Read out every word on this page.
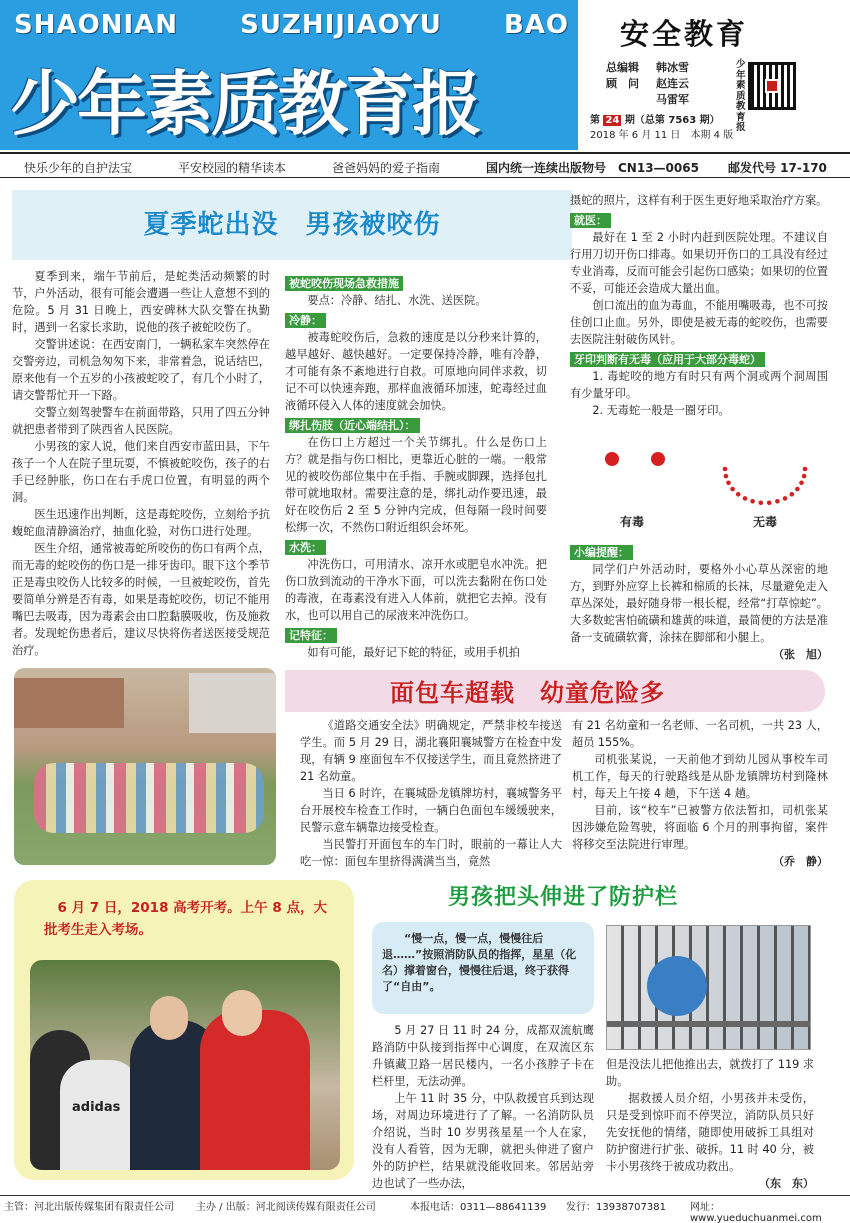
SHAONIAN SUZHIJIAOYU BAO
少年素质教育报
安全教育
总编辑 韩冰雪
顾　问 赵连云
马雷军
第 24 期（总第 7563 期）
2018 年 6 月 11 日　 本期 4 版
少年素质教育报
快乐少年的自护法宝	平安校园的精华读本	爸爸妈妈的爱子指南	国内统一连续出版物号　CN13—0065 邮发代号 17-170
夏季蛇出没　男孩被咬伤

夏季到来，端午节前后，是蛇类活动频繁的时节，户外活动，很有可能会遭遇一些让人意想不到的危险。5 月 31 日晚上，西安碑林大队交警在执勤时，遇到一名家长求助，说他的孩子被蛇咬伤了。

交警讲述说：在西安南门，一辆私家车突然停在交警旁边，司机急匆匆下来，非常着急，说话结巴，原来他有一个五岁的小孩被蛇咬了，有几个小时了，请交警帮忙开一下路。

交警立刻驾驶警车在前面带路，只用了四五分钟就把患者带到了陕西省人民医院。

小男孩的家人说，他们来自西安市蓝田县，下午孩子一个人在院子里玩耍，不慎被蛇咬伤，孩子的右手已经肿胀，伤口在右手虎口位置，有明显的两个洞。

医生迅速作出判断，这是毒蛇咬伤，立刻给予抗蝮蛇血清静滴治疗，抽血化验，对伤口进行处理。

医生介绍，通常被毒蛇所咬伤的伤口有两个点，而无毒的蛇咬伤的伤口是一排牙齿印。眼下这个季节正是毒虫咬伤人比较多的时候，一旦被蛇咬伤，首先要简单分辨是否有毒，如果是毒蛇咬伤，切记不能用嘴巴去吸毒，因为毒素会由口腔黏膜吸收，伤及施救者。发现蛇伤患者后，建议尽快将伤者送医接受规范治疗。

被蛇咬伤现场急救措施

要点：冷静、结扎、水洗、送医院。

冷静：

被毒蛇咬伤后，急救的速度是以分秒来计算的，越早越好、越快越好。一定要保持冷静，唯有冷静，才可能有条不紊地进行自救。可原地向同伴求救，切记不可以快速奔跑，那样血液循环加速，蛇毒经过血液循环侵入人体的速度就会加快。

绑扎伤肢（近心端结扎）：

在伤口上方超过一个关节绑扎。什么是伤口上方？就是指与伤口相比，更靠近心脏的一端。一般常见的被咬伤部位集中在手指、手腕或脚踝，选择包扎带可就地取材。需要注意的是，绑扎动作要迅速，最好在咬伤后 2 至 5 分钟内完成，但每隔一段时间要松绑一次，不然伤口附近组织会坏死。

水洗：

冲洗伤口，可用清水、凉开水或肥皂水冲洗。把伤口放到流动的干净水下面，可以洗去黏附在伤口处的毒液，在毒素没有进入人体前，就把它去掉。没有水，也可以用自己的尿液来冲洗伤口。

记特征：

如有可能，最好记下蛇的特征，或用手机拍

摄蛇的照片，这样有利于医生更好地采取治疗方案。

就医：

最好在 1 至 2 小时内赶到医院处理。不建议自行用刀切开伤口排毒。如果切开伤口的工具没有经过专业消毒，反而可能会引起伤口感染；如果切的位置不妥，可能还会造成大量出血。

创口流出的血为毒血，不能用嘴吸毒，也不可按住创口止血。另外，即使是被无毒的蛇咬伤，也需要去医院注射破伤风针。

牙印判断有无毒（应用于大部分毒蛇）

1. 毒蛇咬的地方有时只有两个洞或两个洞周围有少量牙印。

2. 无毒蛇一般是一圈牙印。

有毒	无毒
小编提醒：

同学们户外活动时，要格外小心草丛深密的地方，到野外应穿上长裤和棉质的长袜，尽量避免走入草丛深处，最好随身带一根长棍，经常“打草惊蛇”。大多数蛇害怕硫磺和雄黄的味道，最简便的方法是准备一支硫磺软膏，涂抹在脚部和小腿上。

（张　旭）
面包车超载　幼童危险多

《道路交通安全法》明确规定，严禁非校车接送学生。而 5 月 29 日，湖北襄阳襄城警方在检查中发现，有辆 9 座面包车不仅接送学生，而且竟然挤进了 21 名幼童。

当日 6 时许，在襄城卧龙镇牌坊村，襄城警务平台开展校车检查工作时，一辆白色面包车缓缓驶来，民警示意车辆靠边接受检查。

当民警打开面包车的车门时，眼前的一幕让人大吃一惊：面包车里挤得满满当当，竟然

有 21 名幼童和一名老师、一名司机，一共 23 人，超员 155%。

司机张某说，一天前他才到幼儿园从事校车司机工作，每天的行驶路线是从卧龙镇牌坊村到隆林村，每天上午接 4 趟，下午送 4 趟。

目前，该“校车”已被警方依法暂扣，司机张某因涉嫌危险驾驶，将面临 6 个月的刑事拘留，案件将移交至法院进行审理。

（乔　静）
6 月 7 日，2018 高考开考。上午 8 点，大批考生走入考场。
adidas
男孩把头伸进了防护栏
“慢一点，慢一点，慢慢往后退……”按照消防队员的指挥，星星（化名）撑着窗台，慢慢往后退，终于获得了“自由”。

5 月 27 日 11 时 24 分，成都双流航鹰路消防中队接到指挥中心调度，在双流区东升镇藏卫路一居民楼内，一名小孩脖子卡在栏杆里，无法动弹。

上午 11 时 35 分，中队救援官兵到达现场，对周边环境进行了了解。一名消防队员介绍说，当时 10 岁男孩星星一个人在家，没有人看管，因为无聊，就把头伸进了窗户外的防护栏，结果就没能收回来。邻居站旁边也试了一些办法，

但是没法儿把他推出去，就拨打了 119 求助。

据救援人员介绍，小男孩并未受伤，只是受到惊吓而不停哭泣，消防队员只好先安抚他的情绪，随即使用破拆工具组对防护窗进行扩张、破拆。11 时 40 分，被卡小男孩终于被成功救出。

（东　东）
主管：河北出版传媒集团有限责任公司 主办 / 出版：河北阅读传媒有限责任公司	本报电话：0311—88641139 发行：13938707381 网址：www.yueduchuanmei.com
